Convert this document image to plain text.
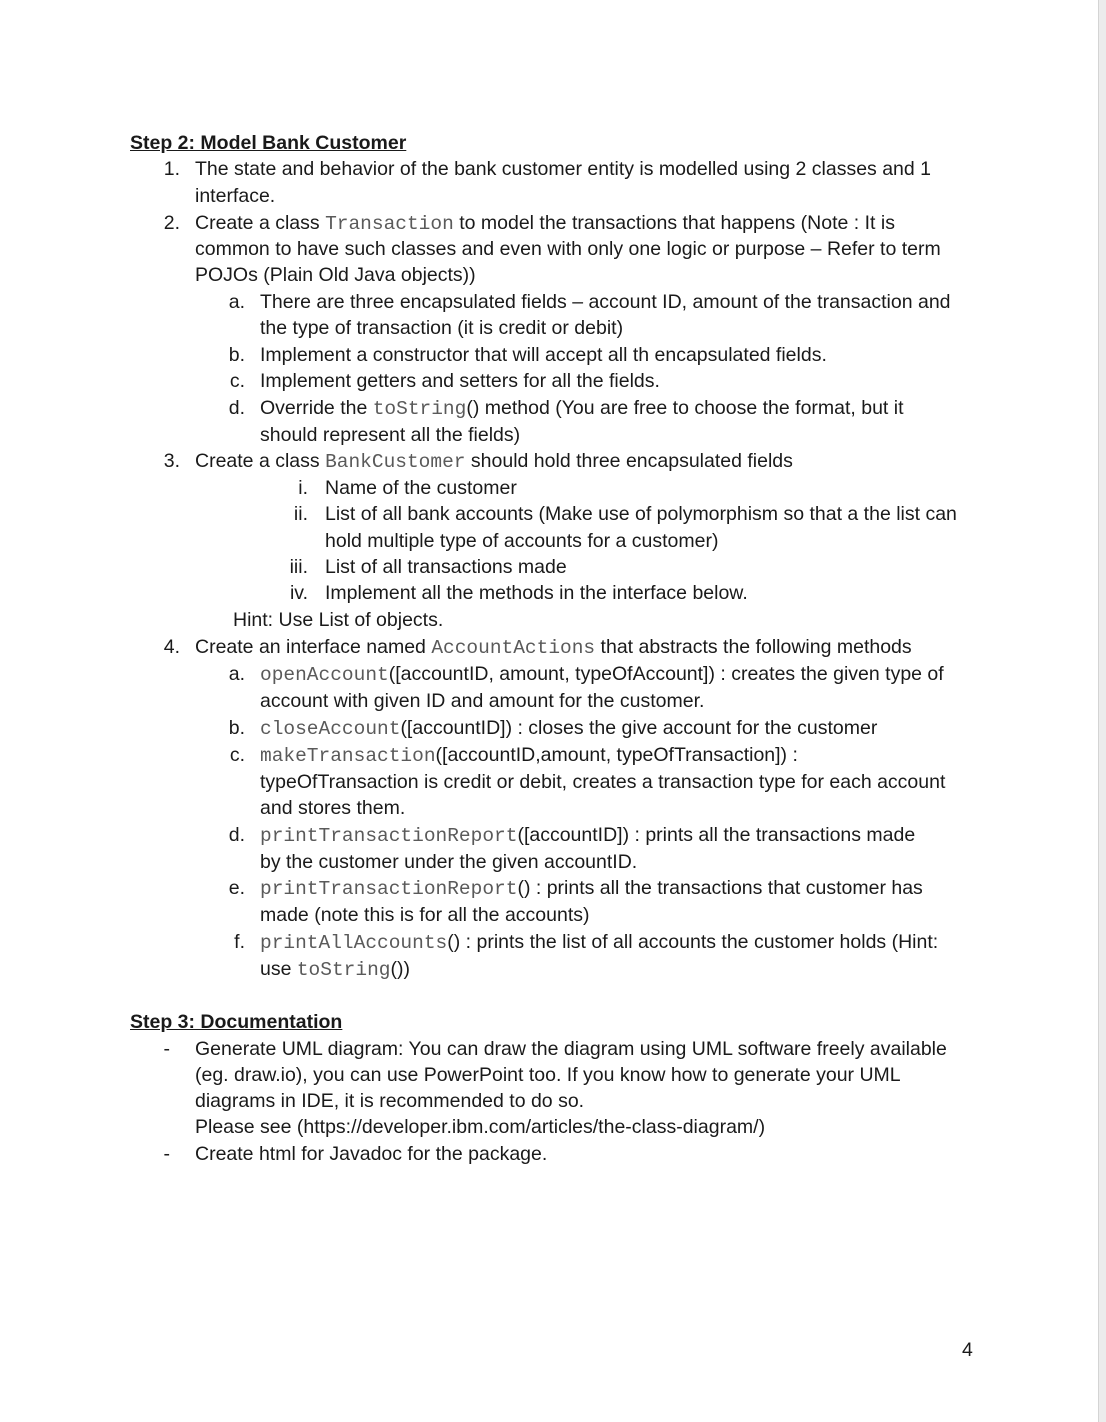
Step 2: Model Bank Customer
1. The state and behavior of the bank customer entity is modelled using 2 classes and 1
interface.
2. Create a class Transaction to model the transactions that happens (Note : It is
common to have such classes and even with only one logic or purpose – Refer to term
POJOs (Plain Old Java objects))
a. There are three encapsulated fields – account ID, amount of the transaction and
the type of transaction (it is credit or debit)
b. Implement a constructor that will accept all th encapsulated fields.
c. Implement getters and setters for all the fields.
d. Override the toString() method (You are free to choose the format, but it
should represent all the fields)
3. Create a class BankCustomer should hold three encapsulated fields
i. Name of the customer
ii. List of all bank accounts (Make use of polymorphism so that a the list can
hold multiple type of accounts for a customer)
iii. List of all transactions made
iv. Implement all the methods in the interface below.
Hint: Use List of objects.
4. Create an interface named AccountActions that abstracts the following methods
a. openAccount([accountID, amount, typeOfAccount]) : creates the given type of
account with given ID and amount for the customer.
b. closeAccount([accountID]) : closes the give account for the customer
c. makeTransaction([accountID,amount, typeOfTransaction]) :
typeOfTransaction is credit or debit, creates a transaction type for each account
and stores them.
d. printTransactionReport([accountID]) : prints all the transactions made
by the customer under the given accountID.
e. printTransactionReport() : prints all the transactions that customer has
made (note this is for all the accounts)
f. printAllAccounts() : prints the list of all accounts the customer holds (Hint:
use toString())
Step 3: Documentation
- Generate UML diagram: You can draw the diagram using UML software freely available
(eg. draw.io), you can use PowerPoint too. If you know how to generate your UML
diagrams in IDE, it is recommended to do so.
Please see (https://developer.ibm.com/articles/the-class-diagram/)
- Create html for Javadoc for the package.
4
